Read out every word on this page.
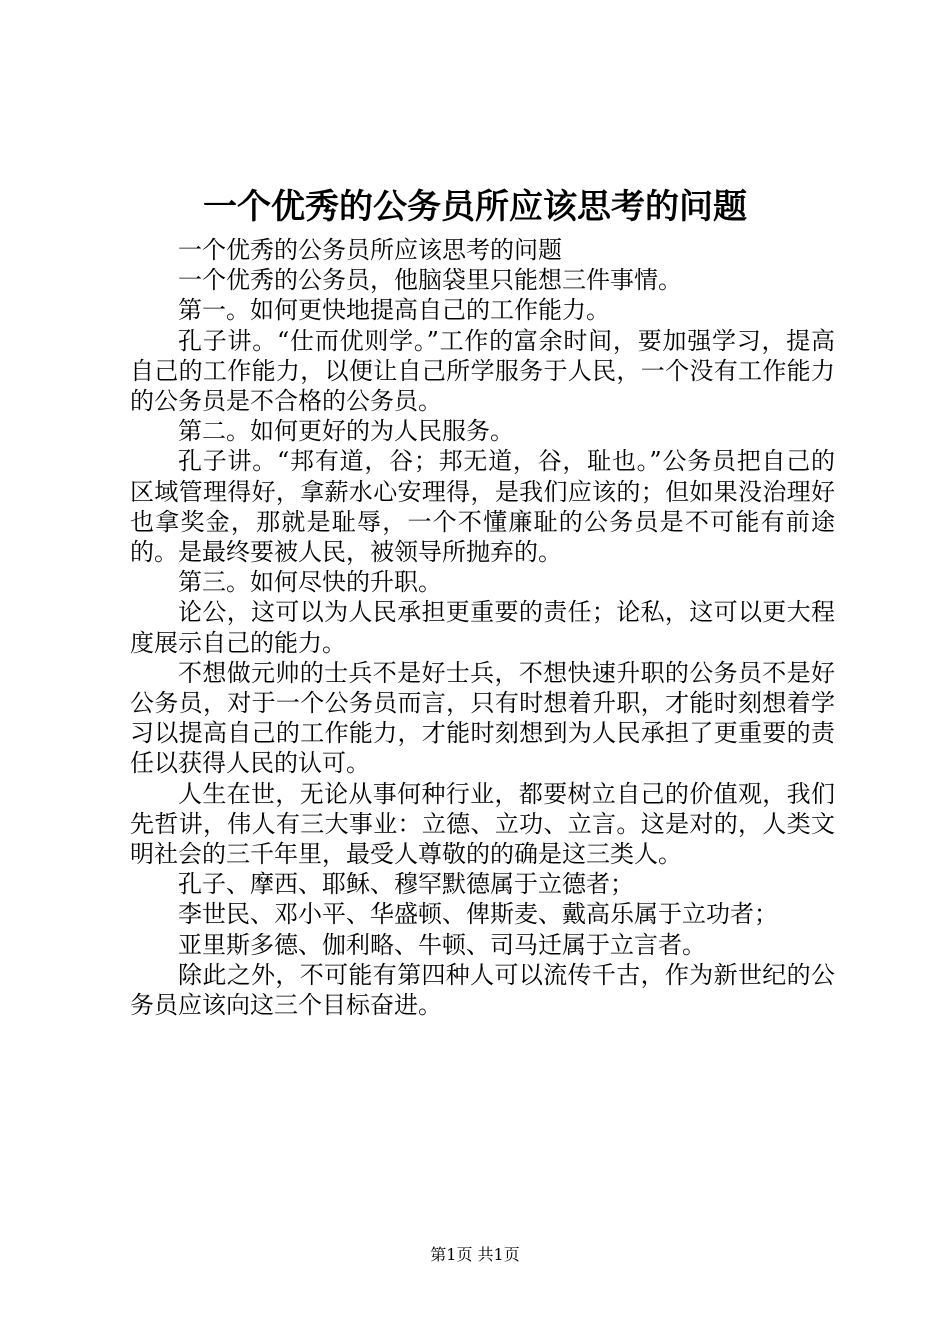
一个优秀的公务员所应该思考的问题

一个优秀的公务员所应该思考的问题

一个优秀的公务员，他脑袋里只能想三件事情。

第一。如何更快地提高自己的工作能力。

孔子讲。“仕而优则学。”工作的富余时间，要加强学习，提高自己的工作能力，以便让自己所学服务于人民，一个没有工作能力的公务员是不合格的公务员。

第二。如何更好的为人民服务。

孔子讲。“邦有道，谷；邦无道，谷，耻也。”公务员把自己的区域管理得好，拿薪水心安理得，是我们应该的；但如果没治理好也拿奖金，那就是耻辱，一个不懂廉耻的公务员是不可能有前途的。是最终要被人民，被领导所抛弃的。

第三。如何尽快的升职。

论公，这可以为人民承担更重要的责任；论私，这可以更大程度展示自己的能力。

不想做元帅的士兵不是好士兵，不想快速升职的公务员不是好公务员，对于一个公务员而言，只有时想着升职，才能时刻想着学习以提高自己的工作能力，才能时刻想到为人民承担了更重要的责任以获得人民的认可。

人生在世，无论从事何种行业，都要树立自己的价值观，我们先哲讲，伟人有三大事业：立德、立功、立言。这是对的，人类文明社会的三千年里，最受人尊敬的的确是这三类人。

孔子、摩西、耶稣、穆罕默德属于立德者；

李世民、邓小平、华盛顿、俾斯麦、戴高乐属于立功者；

亚里斯多德、伽利略、牛顿、司马迁属于立言者。

除此之外，不可能有第四种人可以流传千古，作为新世纪的公务员应该向这三个目标奋进。

第1页 共1页
